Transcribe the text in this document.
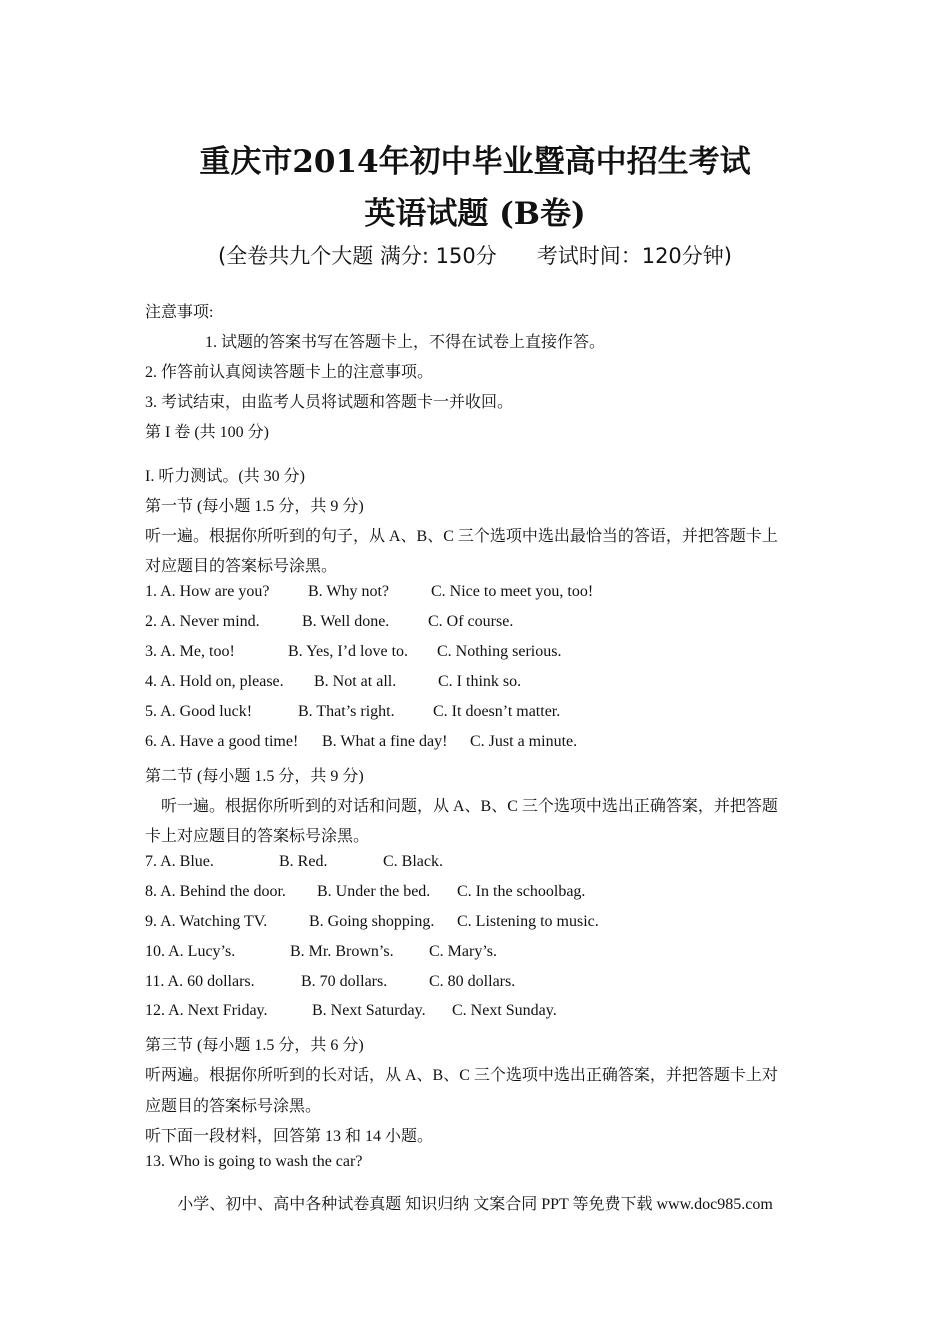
重庆市2014年初中毕业暨高中招生考试
英语试题 (B卷)
(全卷共九个大题 满分: 150分 考试时间：120分钟)
注意事项:
1. 试题的答案书写在答题卡上，不得在试卷上直接作答。
2. 作答前认真阅读答题卡上的注意事项。
3. 考试结束，由监考人员将试题和答题卡一并收回。
第 I 卷 (共 100 分)
I. 听力测试。(共 30 分)
第一节 (每小题 1.5 分，共 9 分)
听一遍。根据你所听到的句子，从 A、B、C 三个选项中选出最恰当的答语，并把答题卡上
对应题目的答案标号涂黑。
1. A. How are you? B. Why not?	C. Nice to meet you, too!
2. A. Never mind.	B. Well done. C. Of course.
3. A. Me, too!	B. Yes, I’d love to. C. Nothing serious.
4. A. Hold on, please. B. Not at all.	C. I think so.
5. A. Good luck!	B. That’s right. C. It doesn’t matter.
6. A. Have a good time! B. What a fine day! C. Just a minute.
第二节 (每小题 1.5 分，共 9 分)
听一遍。根据你所听到的对话和问题，从 A、B、C 三个选项中选出正确答案，并把答题
卡上对应题目的答案标号涂黑。
7. A. Blue.	B. Red.	C. Black.
8. A. Behind the door. B. Under the bed. C. In the schoolbag.
9. A. Watching TV.	B. Going shopping. C. Listening to music.
10. A. Lucy’s.	B. Mr. Brown’s. C. Mary’s.
11. A. 60 dollars.	B. 70 dollars.	C. 80 dollars.
12. A. Next Friday.	B. Next Saturday. C. Next Sunday.
第三节 (每小题 1.5 分，共 6 分)
听两遍。根据你所听到的长对话，从 A、B、C 三个选项中选出正确答案，并把答题卡上对
应题目的答案标号涂黑。
听下面一段材料，回答第 13 和 14 小题。
13. Who is going to wash the car?
小学、初中、高中各种试卷真题 知识归纳 文案合同 PPT 等免费下载 www.doc985.com
